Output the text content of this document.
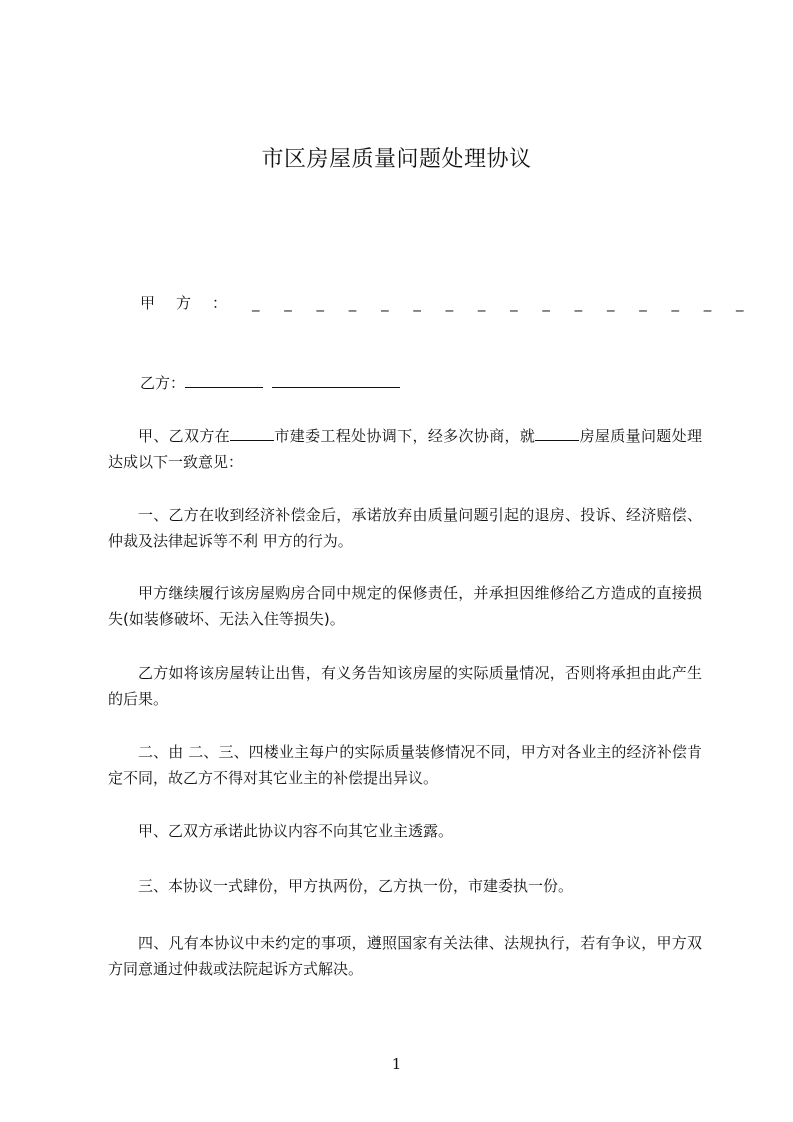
市区房屋质量问题处理协议
甲 方 ： _ _ _ _ _ _ _ _ _ _ _ _ _ _ _ _
乙方：
甲、乙双方在	市建委工程处协调下，经多次协商，就	房屋质量问题处理达成以下一致意见：
一、乙方在收到经济补偿金后，承诺放弃由质量问题引起的退房、投诉、经济赔偿、仲裁及法律起诉等不利 甲方的行为。
甲方继续履行该房屋购房合同中规定的保修责任，并承担因维修给乙方造成的直接损失(如装修破坏、无法入住等损失)。
乙方如将该房屋转让出售，有义务告知该房屋的实际质量情况，否则将承担由此产生的后果。
二、由 二、三、四楼业主每户的实际质量装修情况不同，甲方对各业主的经济补偿肯定不同，故乙方不得对其它业主的补偿提出异议。
甲、乙双方承诺此协议内容不向其它业主透露。
三、本协议一式肆份，甲方执两份，乙方执一份，市建委执一份。
四、凡有本协议中未约定的事项，遵照国家有关法律、法规执行，若有争议，甲方双方同意通过仲裁或法院起诉方式解决。
1
